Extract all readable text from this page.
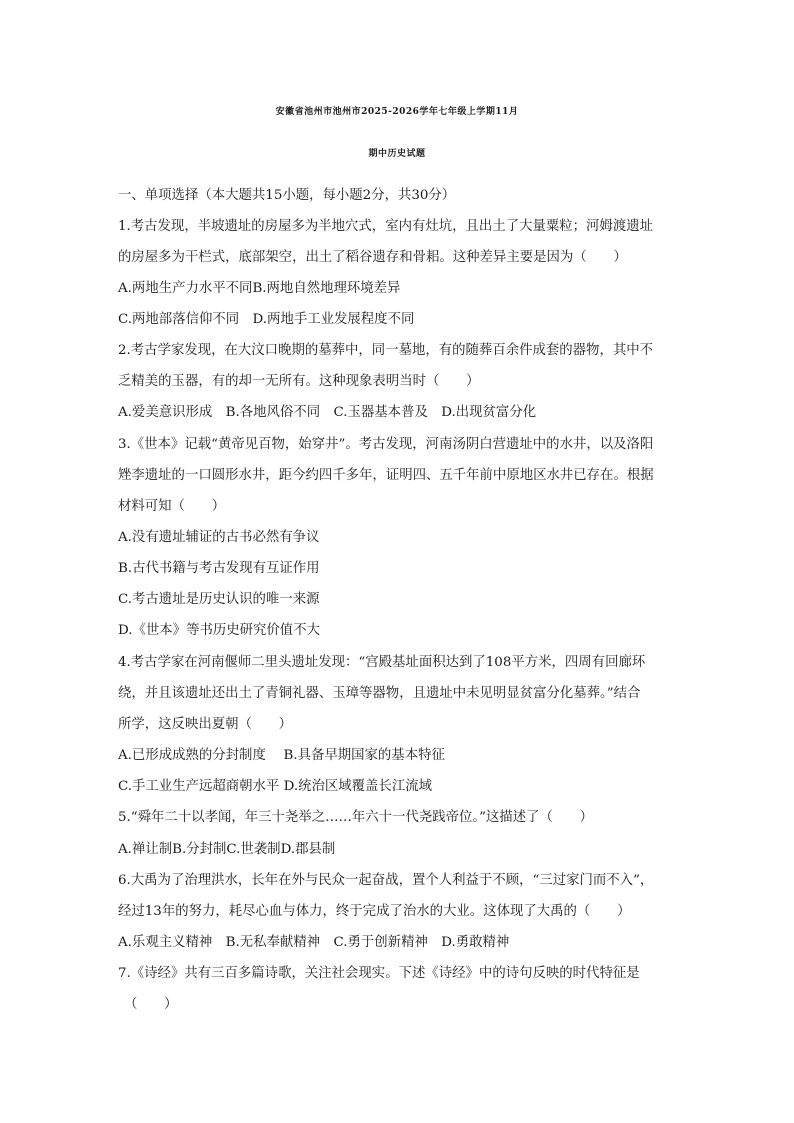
安徽省池州市池州市2025-2026学年七年级上学期11月
期中历史试题
一、单项选择（本大题共15小题，每小题2分，共30分）
1.考古发现，半坡遗址的房屋多为半地穴式，室内有灶坑，且出土了大量粟粒；河姆渡遗址
的房屋多为干栏式，底部架空，出土了稻谷遗存和骨耜。这种差异主要是因为（　　）
A.两地生产力水平不同B.两地自然地理环境差异
C.两地部落信仰不同　D.两地手工业发展程度不同
2.考古学家发现，在大汶口晚期的墓葬中，同一墓地，有的随葬百余件成套的器物，其中不
乏精美的玉器，有的却一无所有。这种现象表明当时（　　）
A.爱美意识形成　B.各地风俗不同　C.玉器基本普及　D.出现贫富分化
3.《世本》记载“黄帝见百物，始穿井”。考古发现，河南汤阴白营遗址中的水井，以及洛阳
矬李遗址的一口圆形水井，距今约四千多年，证明四、五千年前中原地区水井已存在。根据
材料可知（　　）
A.没有遗址辅证的古书必然有争议
B.古代书籍与考古发现有互证作用
C.考古遗址是历史认识的唯一来源
D.《世本》等书历史研究价值不大
4.考古学家在河南偃师二里头遗址发现：“宫殿基址面积达到了108平方米，四周有回廊环
绕，并且该遗址还出土了青铜礼器、玉璋等器物，且遗址中未见明显贫富分化墓葬。”结合
所学，这反映出夏朝（　　）
A.已形成成熟的分封制度　 B.具备早期国家的基本特征
C.手工业生产远超商朝水平 D.统治区域覆盖长江流域
5.“舜年二十以孝闻，年三十尧举之……年六十一代尧践帝位。”这描述了（　　）
A.禅让制B.分封制C.世袭制D.郡县制
6.大禹为了治理洪水，长年在外与民众一起奋战，置个人利益于不顾，“三过家门而不入”，
经过13年的努力，耗尽心血与体力，终于完成了治水的大业。这体现了大禹的（　　）
A.乐观主义精神　B.无私奉献精神　C.勇于创新精神　D.勇敢精神
7.《诗经》共有三百多篇诗歌，关注社会现实。下述《诗经》中的诗句反映的时代特征是
（　　）
